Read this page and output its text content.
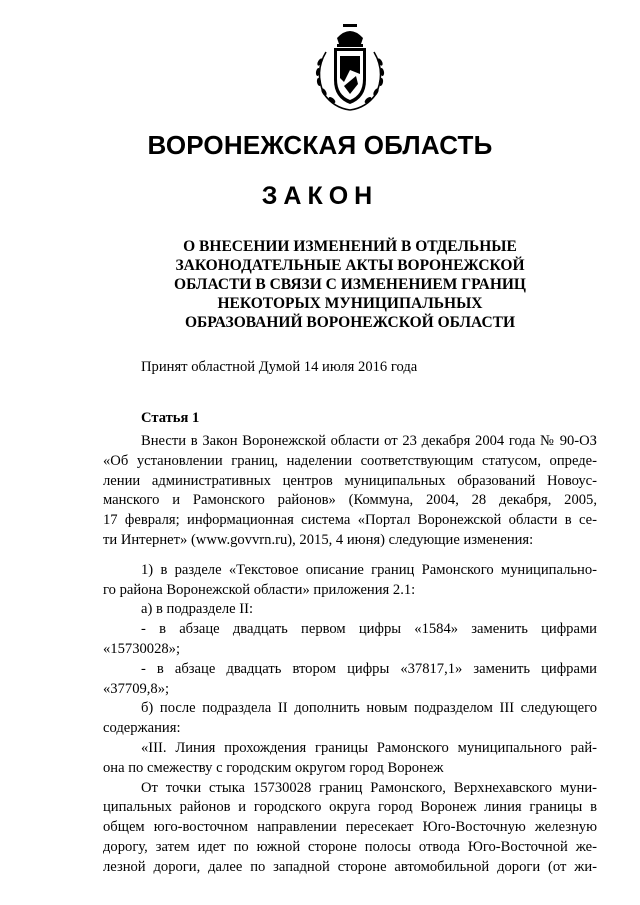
ВОРОНЕЖСКАЯ ОБЛАСТЬ
ЗАКОН
О ВНЕСЕНИИ ИЗМЕНЕНИЙ В ОТДЕЛЬНЫЕ
ЗАКОНОДАТЕЛЬНЫЕ АКТЫ ВОРОНЕЖСКОЙ
ОБЛАСТИ В СВЯЗИ С ИЗМЕНЕНИЕМ ГРАНИЦ
НЕКОТОРЫХ МУНИЦИПАЛЬНЫХ
ОБРАЗОВАНИЙ ВОРОНЕЖСКОЙ ОБЛАСТИ
Принят областной Думой 14 июля 2016 года
Статья 1
Внести в Закон Воронежской области от 23 декабря 2004 года № 90-ОЗ
«Об установлении границ, наделении соответствующим статусом, опреде-
лении административных центров муниципальных образований Новоус-
манского и Рамонского районов» (Коммуна, 2004, 28 декабря, 2005,
17 февраля; информационная система «Портал Воронежской области в се-
ти Интернет» (www.govvrn.ru), 2015, 4 июня) следующие изменения:
1) в разделе «Текстовое описание границ Рамонского муниципально-
го района Воронежской области» приложения 2.1:
а) в подразделе II:
- в абзаце двадцать первом цифры «1584» заменить цифрами
«15730028»;
- в абзаце двадцать втором цифры «37817,1» заменить цифрами
«37709,8»;
б) после подраздела II дополнить новым подразделом III следующего
содержания:
«III. Линия прохождения границы Рамонского муниципального рай-
она по смежеству с городским округом город Воронеж
От точки стыка 15730028 границ Рамонского, Верхнехавского муни-
ципальных районов и городского округа город Воронеж линия границы в
общем юго-восточном направлении пересекает Юго-Восточную железную
дорогу, затем идет по южной стороне полосы отвода Юго-Восточной же-
лезной дороги, далее по западной стороне автомобильной дороги (от жи-
